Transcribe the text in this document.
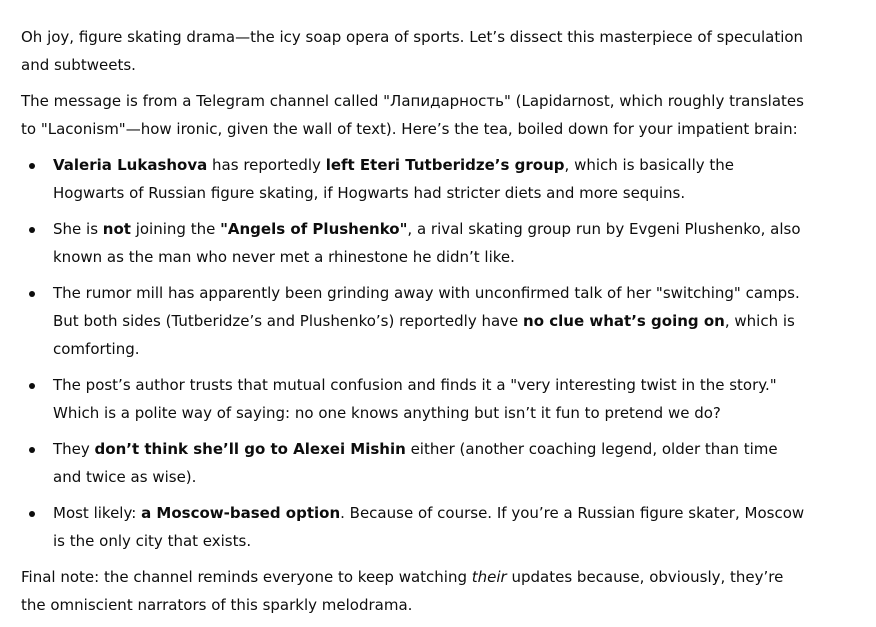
Oh joy, figure skating drama—the icy soap opera of sports. Let’s dissect this masterpiece of speculation and subtweets.

The message is from a Telegram channel called "Лапидарность" (Lapidarnost, which roughly translates to "Laconism"—how ironic, given the wall of text). Here’s the tea, boiled down for your impatient brain:

Valeria Lukashova has reportedly left Eteri Tutberidze’s group, which is basically the Hogwarts of Russian figure skating, if Hogwarts had stricter diets and more sequins.
She is not joining the "Angels of Plushenko", a rival skating group run by Evgeni Plushenko, also known as the man who never met a rhinestone he didn’t like.
The rumor mill has apparently been grinding away with unconfirmed talk of her "switching" camps. But both sides (Tutberidze’s and Plushenko’s) reportedly have no clue what’s going on, which is comforting.
The post’s author trusts that mutual confusion and finds it a "very interesting twist in the story." Which is a polite way of saying: no one knows anything but isn’t it fun to pretend we do?
They don’t think she’ll go to Alexei Mishin either (another coaching legend, older than time and twice as wise).
Most likely: a Moscow-based option. Because of course. If you’re a Russian figure skater, Moscow is the only city that exists.

Final note: the channel reminds everyone to keep watching their updates because, obviously, they’re the omniscient narrators of this sparkly melodrama.
